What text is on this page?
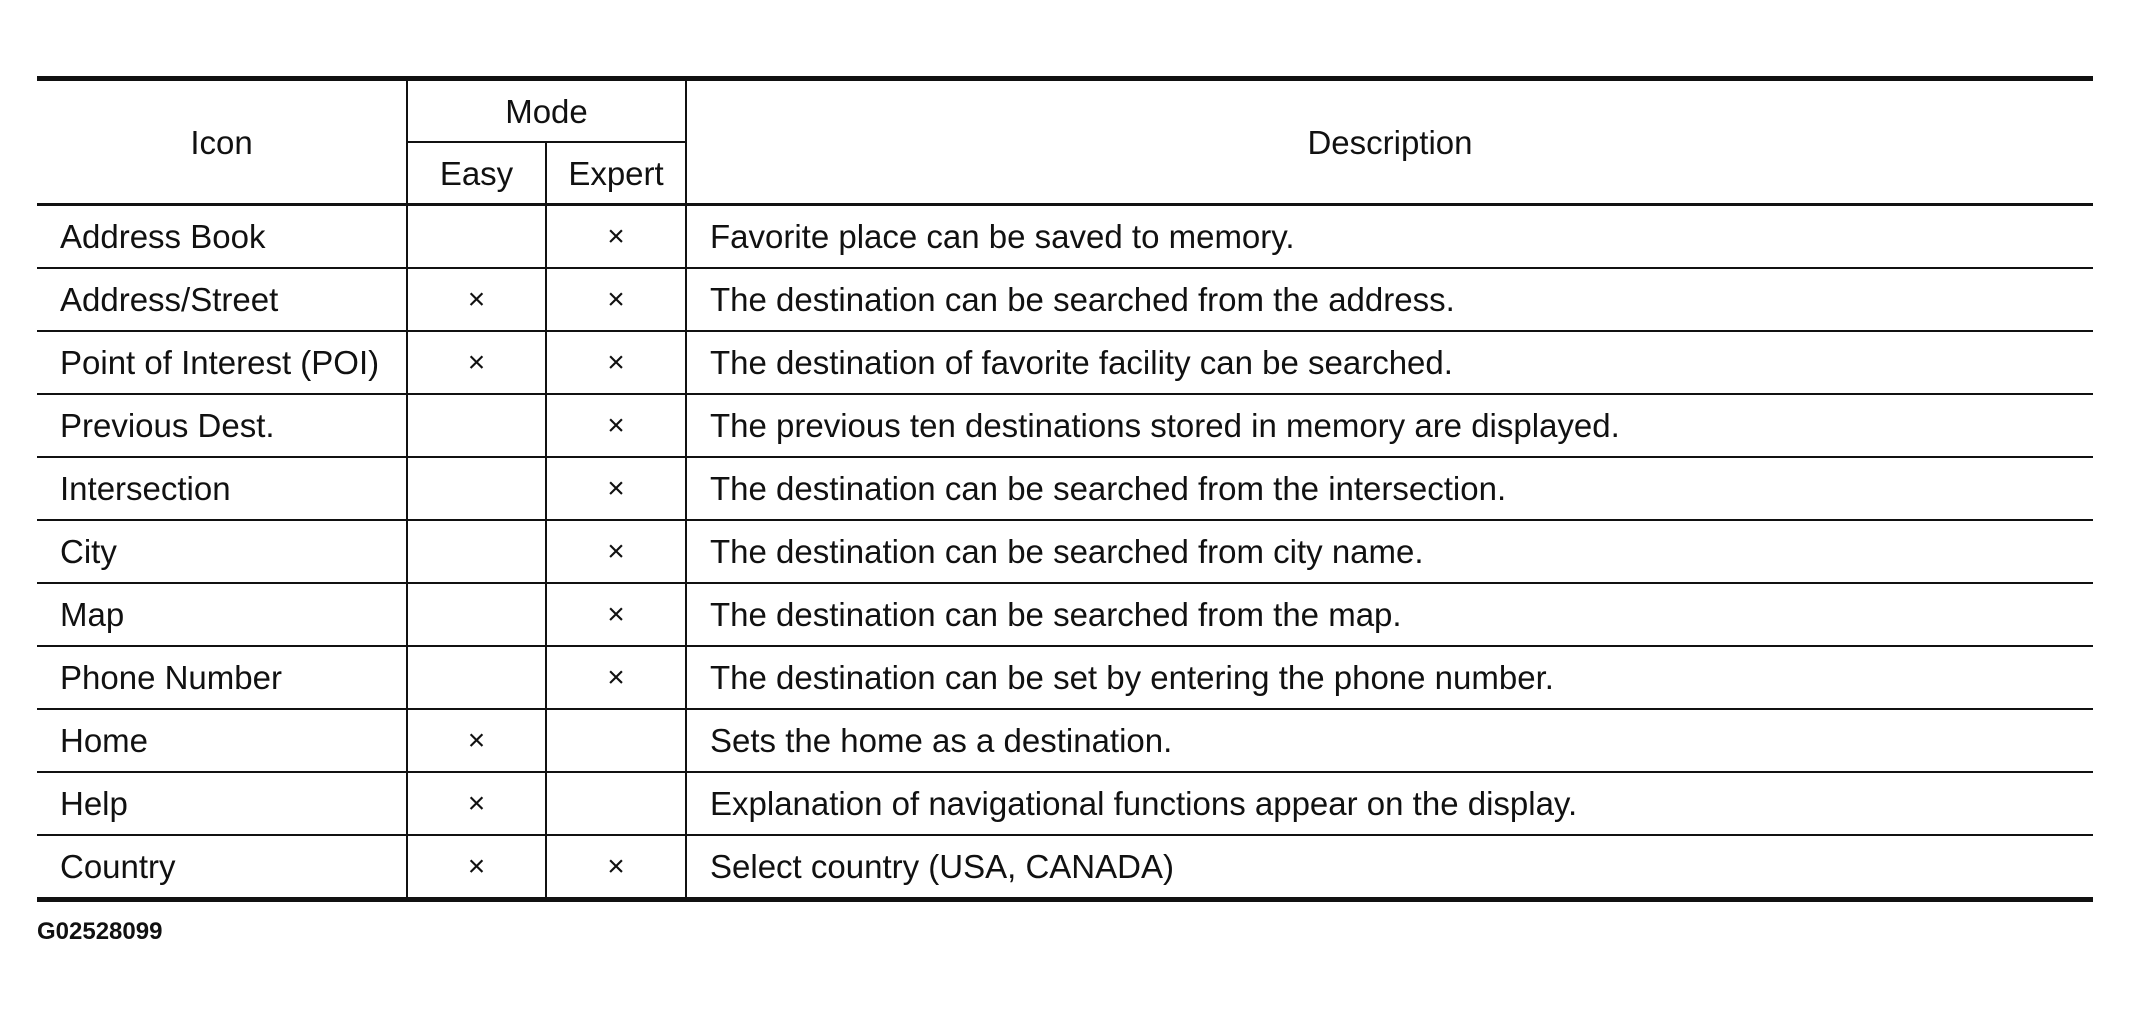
Icon	Mode		Description
	Easy	Expert	
Address Book		×	Favorite place can be saved to memory.
Address/Street	×	×	The destination can be searched from the address.
Point of Interest (POI)	×	×	The destination of favorite facility can be searched.
Previous Dest.		×	The previous ten destinations stored in memory are displayed.
Intersection		×	The destination can be searched from the intersection.
City		×	The destination can be searched from city name.
Map		×	The destination can be searched from the map.
Phone Number		×	The destination can be set by entering the phone number.
Home	×		Sets the home as a destination.
Help	×		Explanation of navigational functions appear on the display.
Country	×	×	Select country (USA, CANADA)
G02528099
